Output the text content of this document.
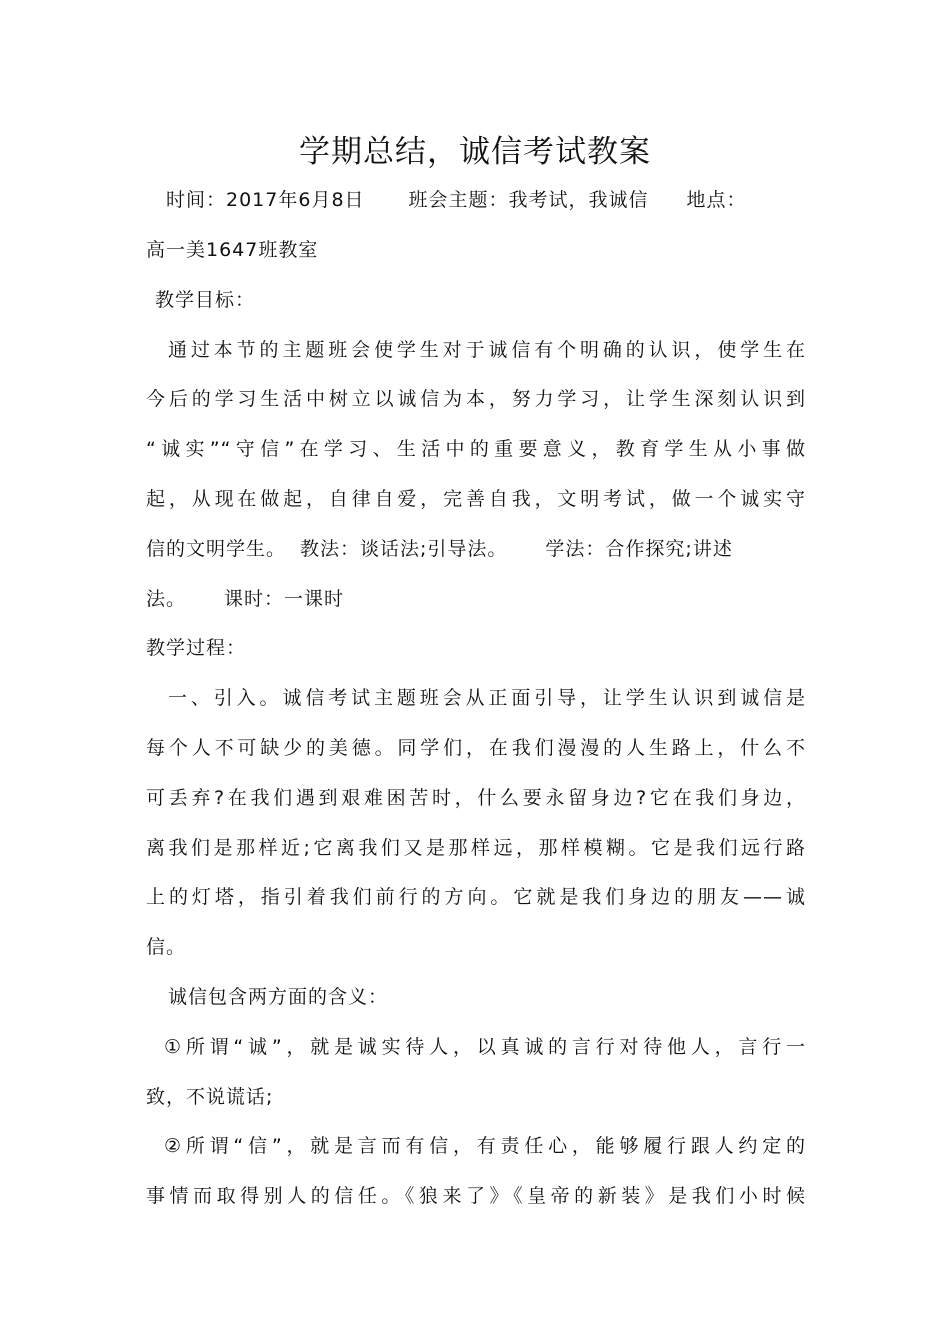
学期总结，诚信考试教案
时间：2017年6月8日 班会主题：我考试，我诚信 地点：
高一美1647班教室
教学目标：
通过本节的主题班会使学生对于诚信有个明确的认识，使学生在
今后的学习生活中树立以诚信为本，努力学习，让学生深刻认识到
“诚实”“守信”在学习、生活中的重要意义，教育学生从小事做
起，从现在做起，自律自爱，完善自我，文明考试，做一个诚实守
信的文明学生。 教法：谈话法;引导法。 学法：合作探究;讲述
法。 课时：一课时
教学过程：
一、引入。诚信考试主题班会从正面引导，让学生认识到诚信是
每个人不可缺少的美德。同学们，在我们漫漫的人生路上，什么不
可丢弃?在我们遇到艰难困苦时，什么要永留身边?它在我们身边，
离我们是那样近;它离我们又是那样远，那样模糊。它是我们远行路
上的灯塔，指引着我们前行的方向。它就是我们身边的朋友——诚
信。
诚信包含两方面的含义：
①所谓“诚”，就是诚实待人，以真诚的言行对待他人，言行一
致，不说谎话;
②所谓“信”，就是言而有信，有责任心，能够履行跟人约定的
事情而取得别人的信任。《狼来了》《皇帝的新装》是我们小时候
